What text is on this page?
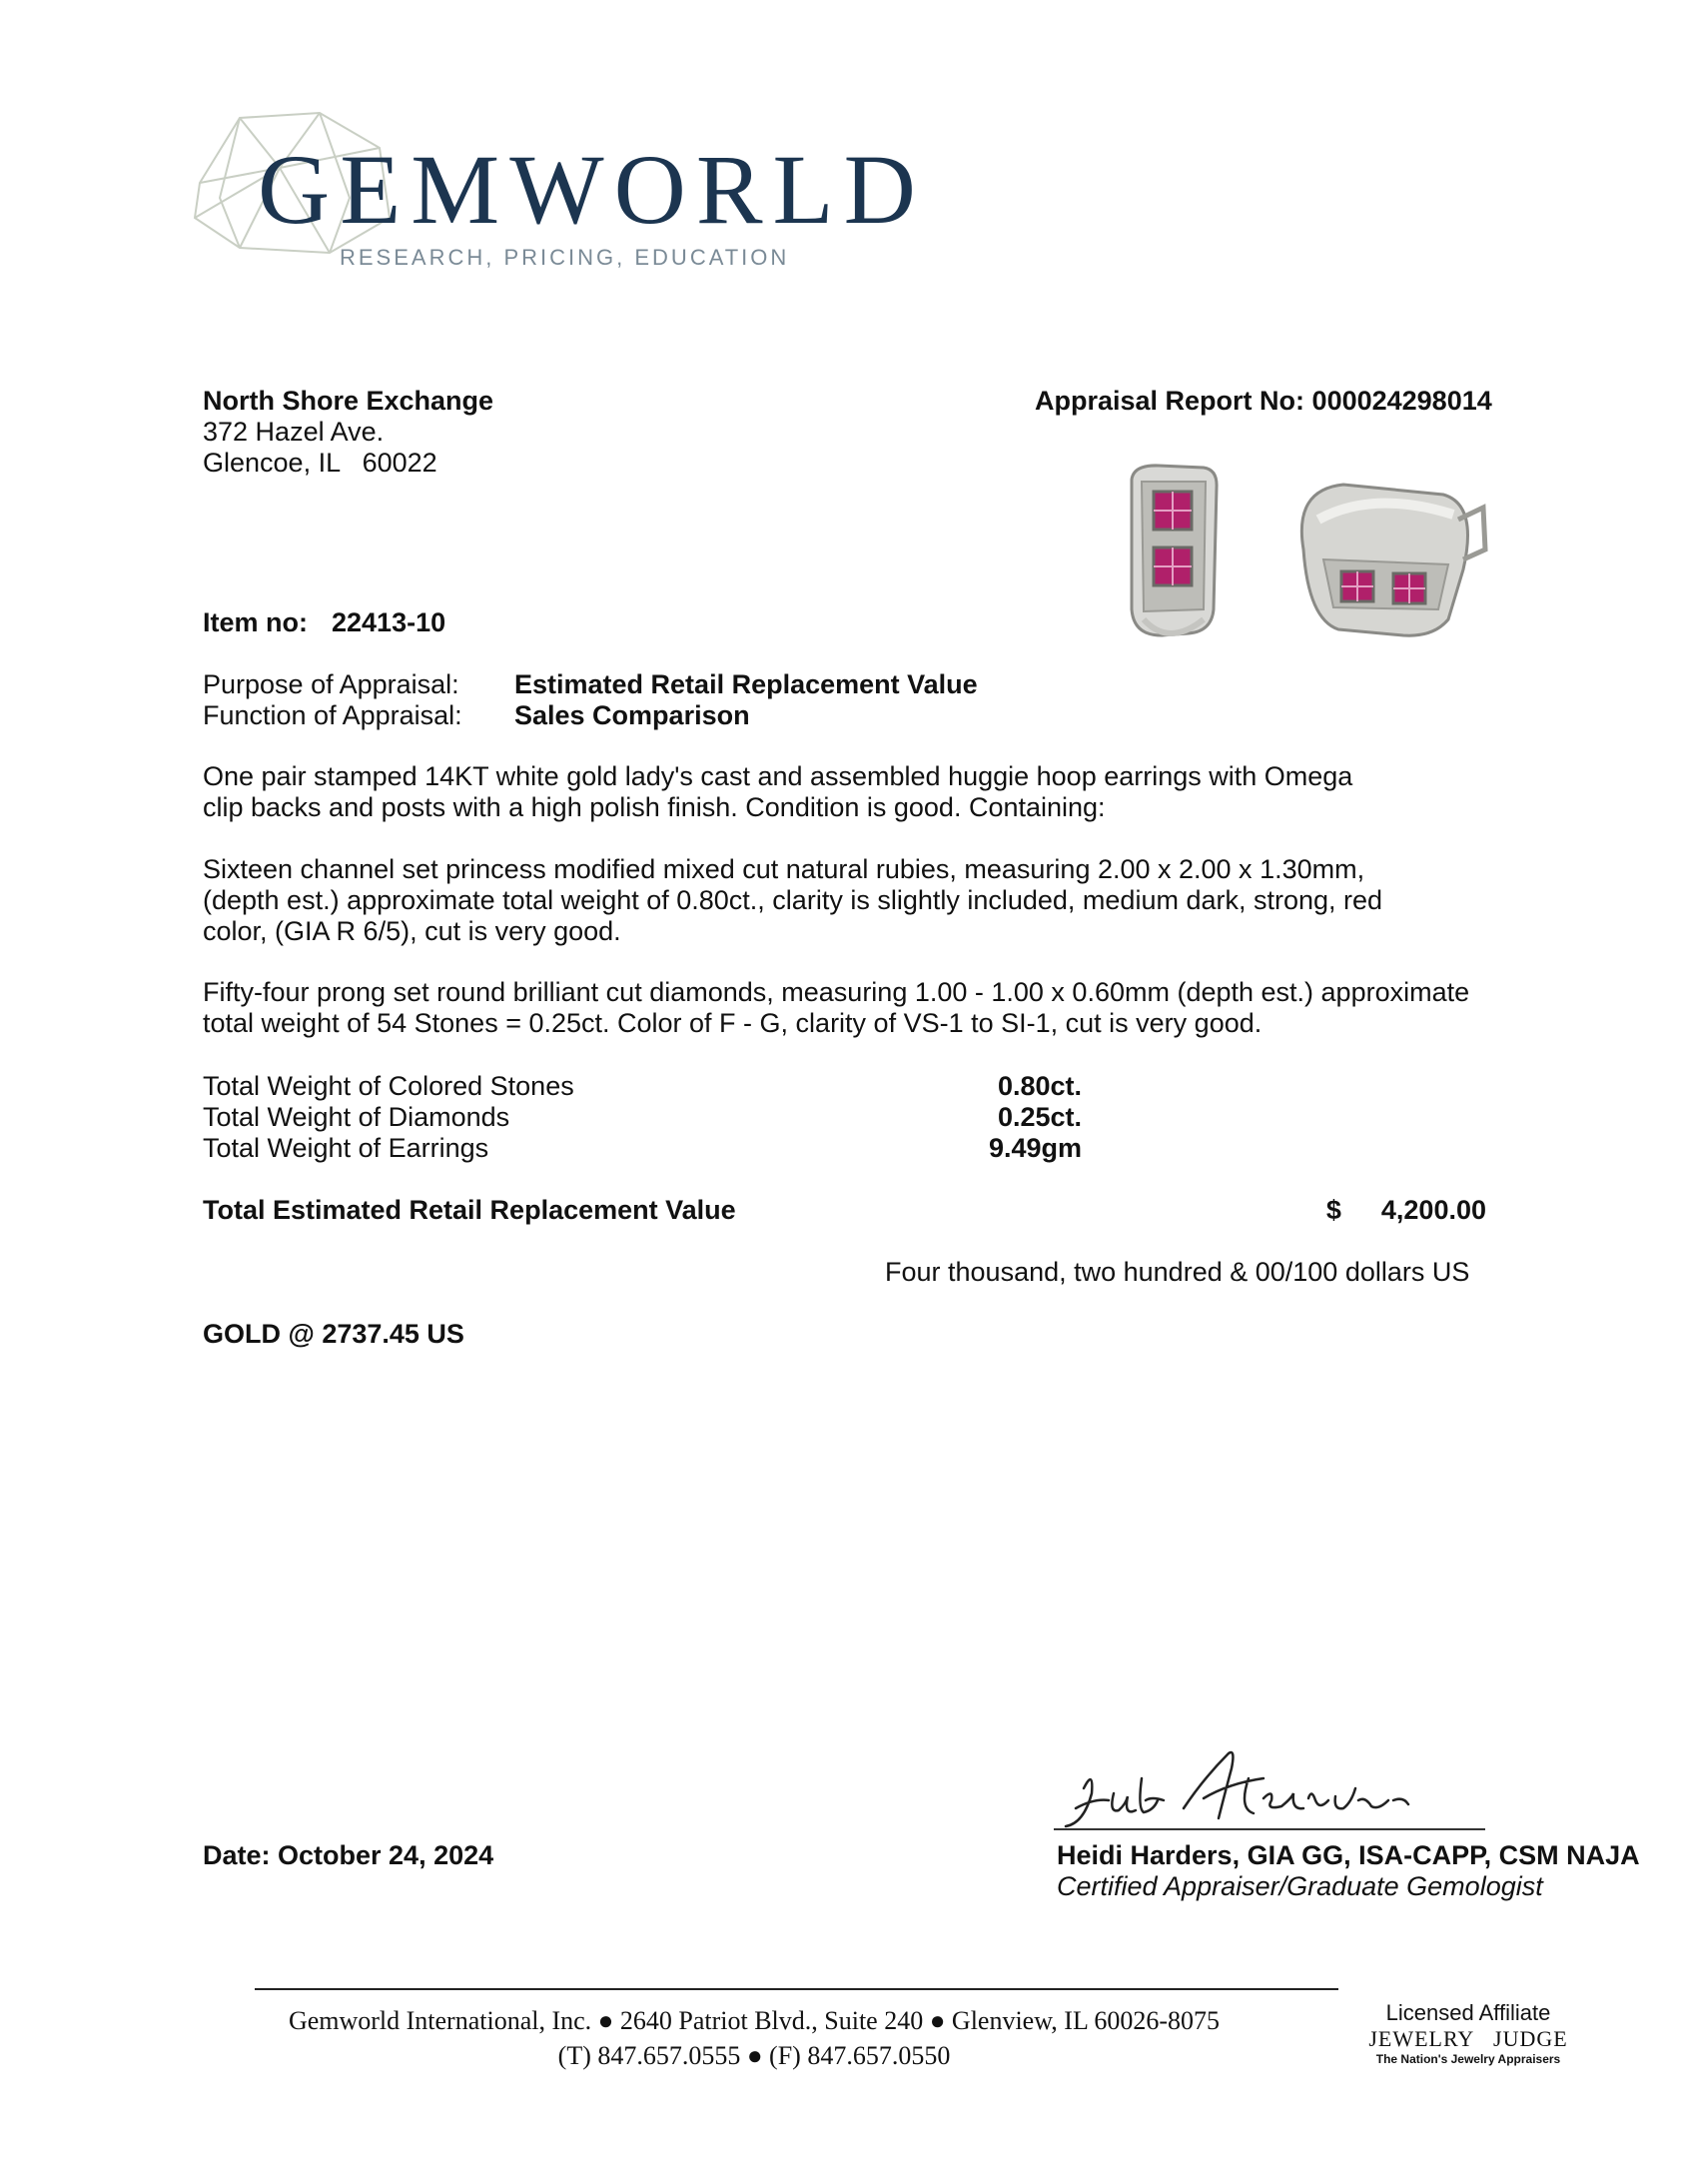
GEMWORLD
RESEARCH, PRICING, EDUCATION
North Shore Exchange
372 Hazel Ave.
Glencoe, IL   60022
Appraisal Report No: 000024298014
Item no: 22413-10
Purpose of Appraisal:	Estimated Retail Replacement Value
Function of Appraisal:	Sales Comparison
One pair stamped 14KT white gold lady's cast and assembled huggie hoop earrings with Omega clip backs and posts with a high polish finish. Condition is good. Containing:
Sixteen channel set princess modified mixed cut natural rubies, measuring 2.00 x 2.00 x 1.30mm, (depth est.) approximate total weight of 0.80ct., clarity is slightly included, medium dark, strong, red color, (GIA R 6/5), cut is very good.
Fifty-four prong set round brilliant cut diamonds, measuring 1.00 - 1.00 x 0.60mm (depth est.) approximate total weight of 54 Stones = 0.25ct. Color of F - G, clarity of VS-1 to SI-1, cut is very good.
Total Weight of Colored Stones	0.80ct.
Total Weight of Diamonds	0.25ct.
Total Weight of Earrings	9.49gm
Total Estimated Retail Replacement Value	$ 4,200.00
Four thousand, two hundred & 00/100 dollars US
GOLD @ 2737.45 US
Heidi Harders, GIA GG, ISA-CAPP, CSM NAJA
Certified Appraiser/Graduate Gemologist
Date: October 24, 2024
Gemworld International, Inc. ● 2640 Patriot Blvd., Suite 240 ● Glenview, IL 60026-8075
(T) 847.657.0555 ● (F) 847.657.0550
Licensed Affiliate
JEWELRY   JUDGE
The Nation's Jewelry Appraisers
